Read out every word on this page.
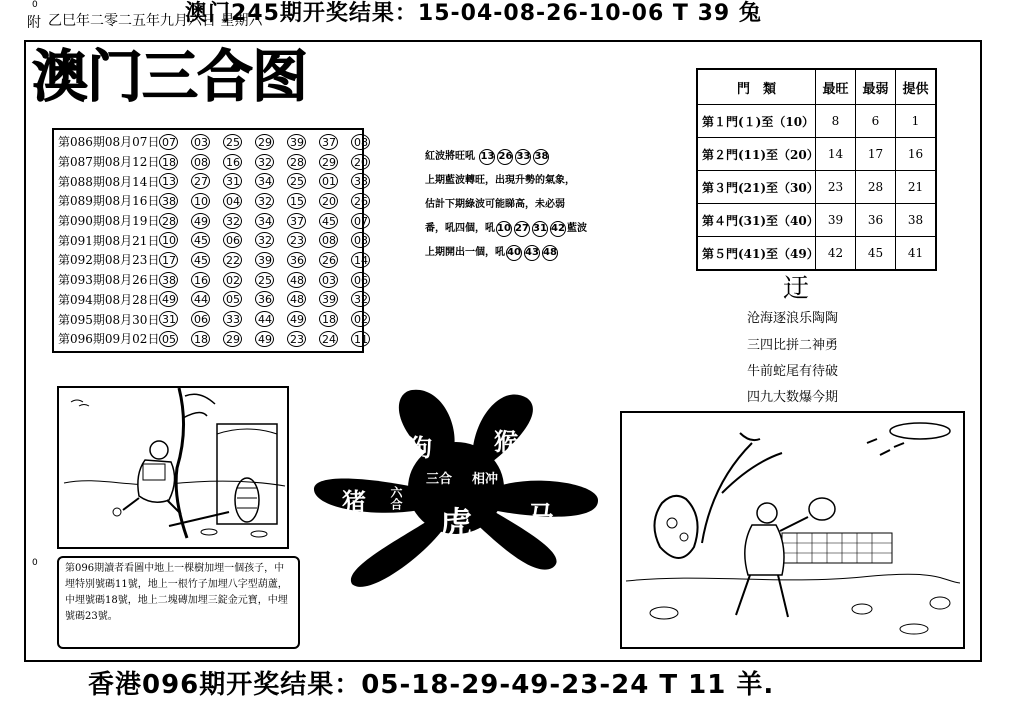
0
附 乙巳年二零二五年九月六日 星期六
澳门245期开奖结果：15-04-08-26-10-06 T 39 兔
澳门三合图
第086期08月07日 07 03 25 29 39 37 08
第087期08月12日 18 08 16 32 28 29 20
第088期08月14日 13 27 31 34 25 01 33
第089期08月16日 38 10 04 32 15 20 26
第090期08月19日 28 49 32 34 37 45 07
第091期08月21日 10 45 06 32 23 08 03
第092期08月23日 17 45 22 39 36 26 14
第093期08月26日 38 16 02 25 48 03 06
第094期08月28日 49 44 05 36 48 39 32
第095期08月30日 31 06 33 44 49 18 02
第096期09月02日 05 18 29 49 23 24 11
紅波將旺吼 13 26 33 38
上期藍波轉旺，出現升勢的氣象，
估計下期綠波可能睇高，未必弱
番，吼四個，吼 10 27 31 42 藍波
上期開出一個，吼 40 43 48
門　類	最旺	最弱	提供
第１門(１)至（10）	8	6	1
第２門(11)至（20）	14	17	16
第３門(21)至（30）	23	28	21
第４門(31)至（40）	39	36	38
第５門(41)至（49）	42	45	41
迂
沧海逐浪乐陶陶
三四比拼二神勇
牛前蛇尾有待破
四九大数爆今期
第096期讀者看圖中地上一棵樹加埋一個孩子，中埋特別號碼11號，地上一根竹子加埋八字型葫蘆，中埋號碼18號，地上二塊磚加埋三錠金元寶，中埋號碼23號。
0
狗	猴
猪
马
虎
三合 相冲
六合
香港096期开奖结果：05-18-29-49-23-24 T 11 羊.
